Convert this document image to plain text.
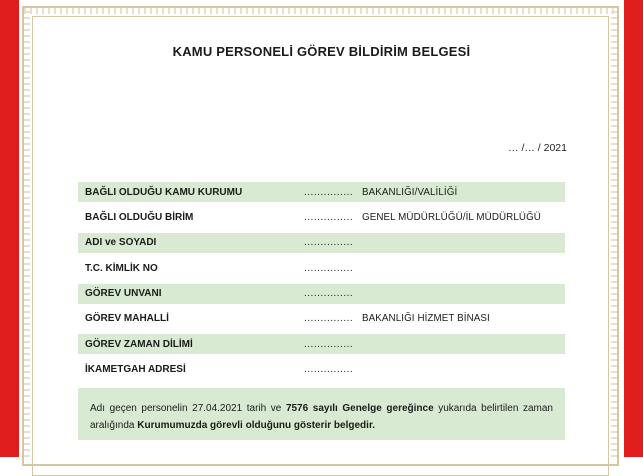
KAMU PERSONELİ GÖREV BİLDİRİM BELGESİ
… /… / 2021
BAĞLI OLDUĞU KAMU KURUMU	............... BAKANLIĞI/VALİLİĞİ
BAĞLI OLDUĞU BİRİM	............... GENEL MÜDÜRLÜĞÜ/İL MÜDÜRLÜĞÜ
ADI ve SOYADI	...............
T.C. KİMLİK NO	...............
GÖREV UNVANI	...............
GÖREV MAHALLİ	............... BAKANLIĞI HİZMET BİNASI
GÖREV ZAMAN DİLİMİ	...............
İKAMETGAH ADRESİ	...............
Adı geçen personelin 27.04.2021 tarih ve 7576 sayılı Genelge gereğince yukarıda belirtilen zaman aralığında Kurumumuzda görevli olduğunu gösterir belgedir.
